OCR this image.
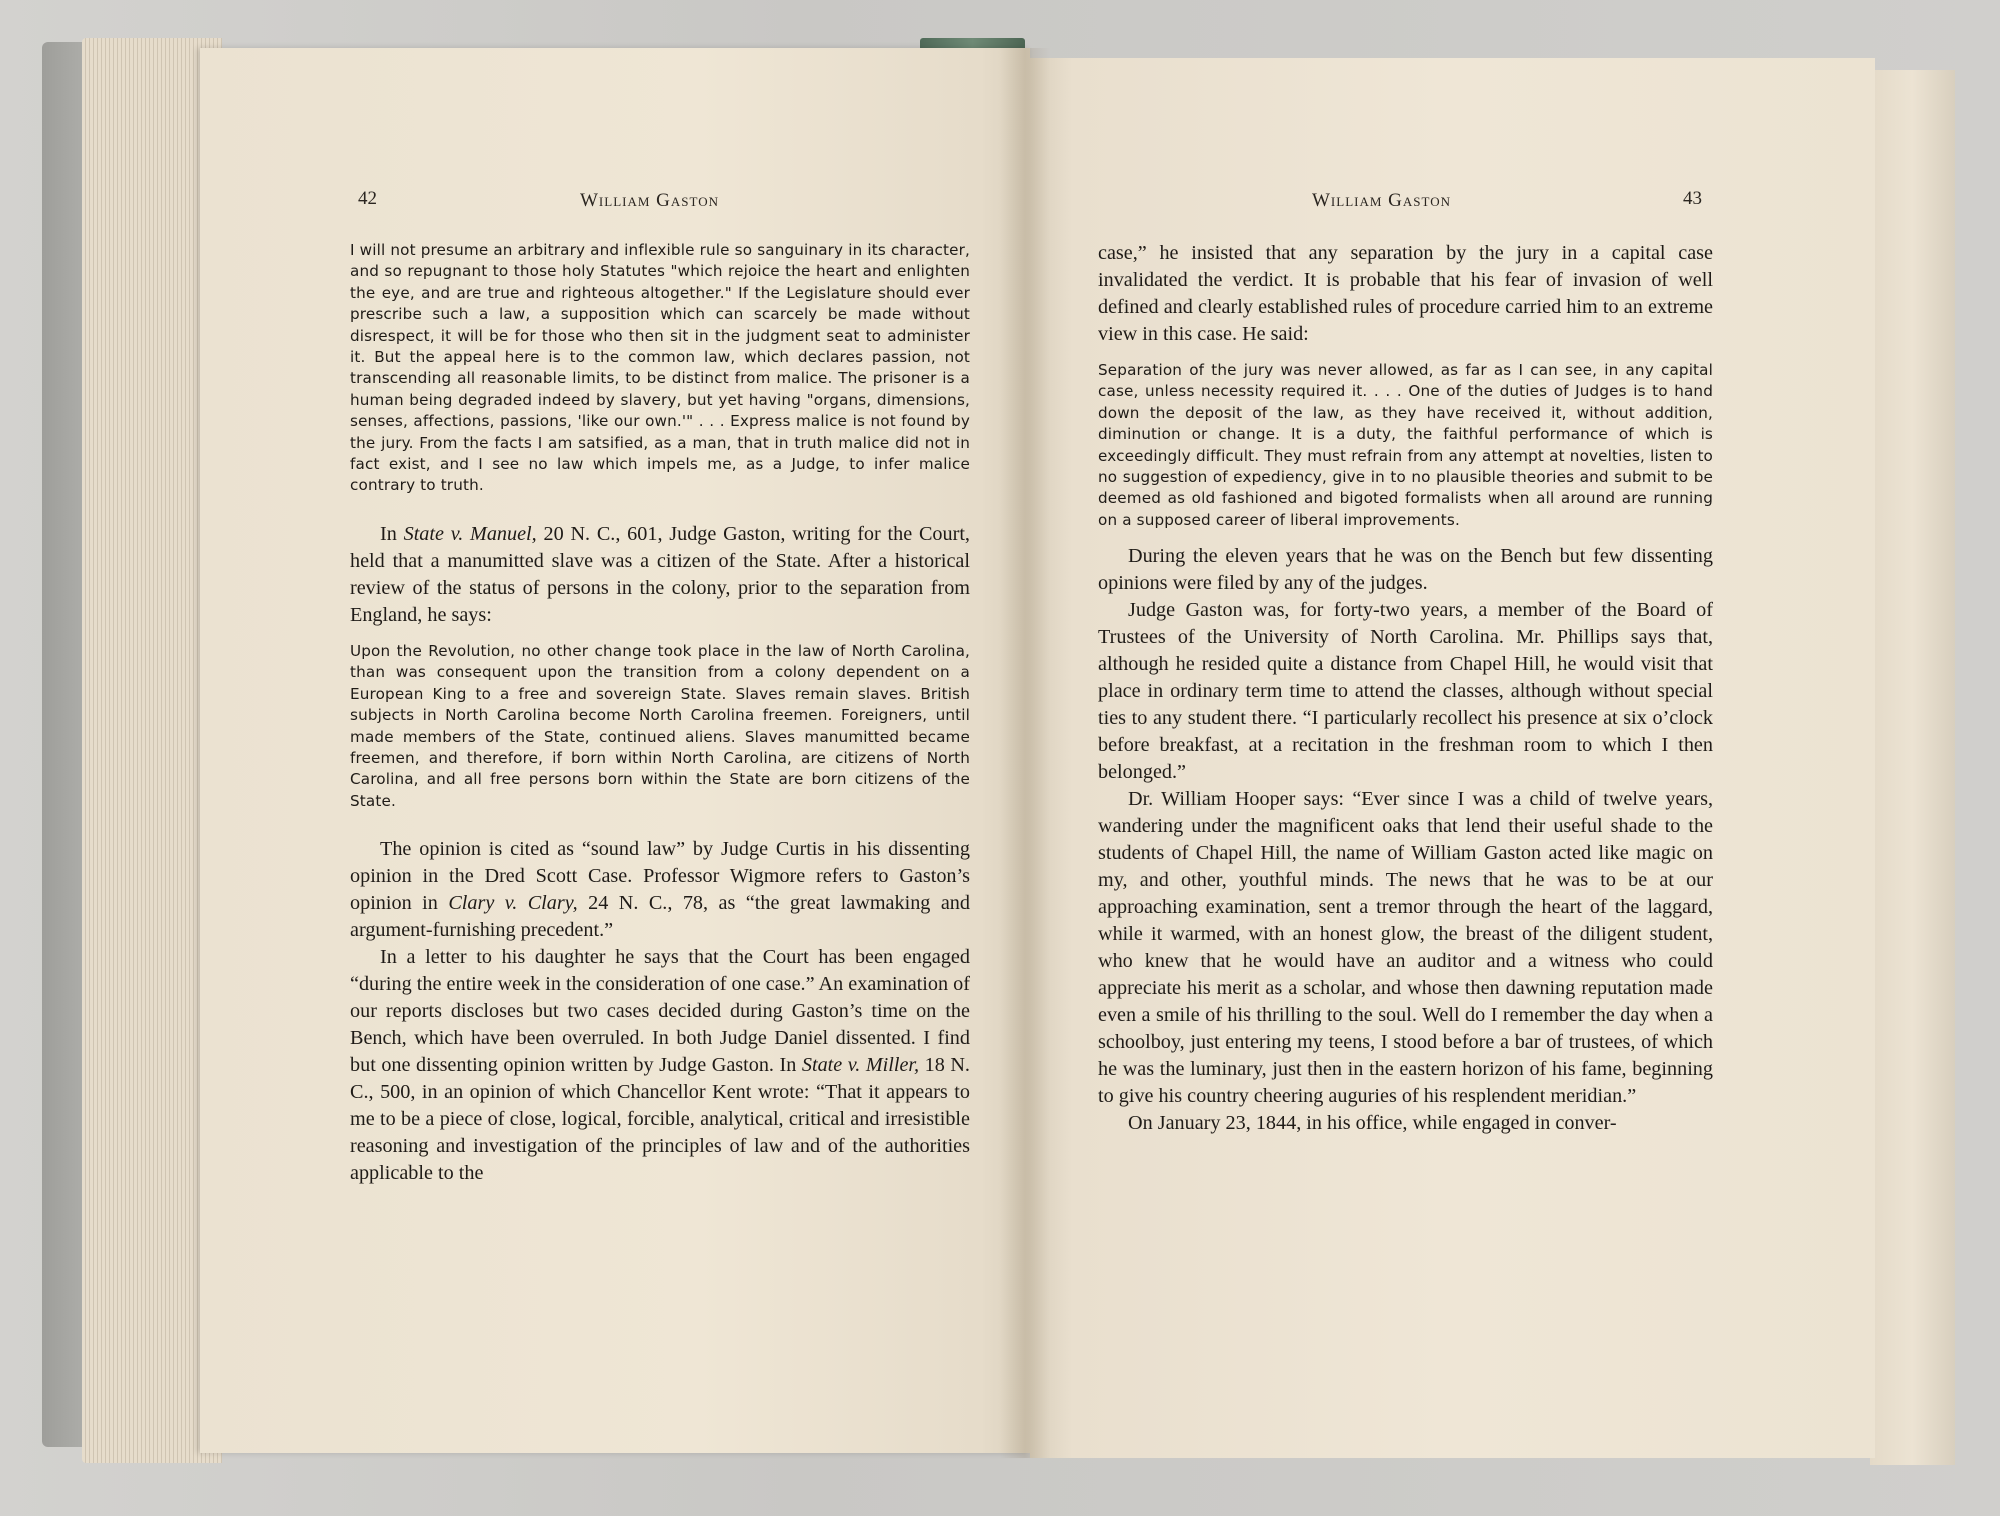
42	William Gaston	William Gaston	43

I will not presume an arbitrary and inflexible rule so sanguinary in its character, and so repugnant to those holy Statutes "which rejoice the heart and enlighten the eye, and are true and righteous altogether." If the Legislature should ever prescribe such a law, a supposition which can scarcely be made without disrespect, it will be for those who then sit in the judgment seat to administer it. But the appeal here is to the common law, which declares passion, not transcending all reasonable limits, to be distinct from malice. The prisoner is a human being degraded indeed by slavery, but yet having "organs, dimensions, senses, affections, passions, 'like our own.'" . . . Express malice is not found by the jury. From the facts I am satsified, as a man, that in truth malice did not in fact exist, and I see no law which impels me, as a Judge, to infer malice contrary to truth.

In State v. Manuel, 20 N. C., 601, Judge Gaston, writing for the Court, held that a manumitted slave was a citizen of the State. After a historical review of the status of persons in the colony, prior to the separation from England, he says:

Upon the Revolution, no other change took place in the law of North Carolina, than was consequent upon the transition from a colony dependent on a European King to a free and sovereign State. Slaves remain slaves. British subjects in North Carolina become North Carolina freemen. Foreigners, until made members of the State, continued aliens. Slaves manumitted became freemen, and therefore, if born within North Carolina, are citizens of North Carolina, and all free persons born within the State are born citizens of the State.

The opinion is cited as “sound law” by Judge Curtis in his dissenting opinion in the Dred Scott Case. Professor Wigmore refers to Gaston’s opinion in Clary v. Clary, 24 N. C., 78, as “the great lawmaking and argument-furnishing precedent.”

In a letter to his daughter he says that the Court has been engaged “during the entire week in the consideration of one case.” An examination of our reports discloses but two cases decided during Gaston’s time on the Bench, which have been overruled. In both Judge Daniel dissented. I find but one dissenting opinion written by Judge Gaston. In State v. Miller, 18 N. C., 500, in an opinion of which Chancellor Kent wrote: “That it appears to me to be a piece of close, logical, forcible, analytical, critical and irresistible reasoning and investigation of the principles of law and of the authorities applicable to the

case,” he insisted that any separation by the jury in a capital case invalidated the verdict. It is probable that his fear of invasion of well defined and clearly established rules of procedure carried him to an extreme view in this case. He said:

Separation of the jury was never allowed, as far as I can see, in any capital case, unless necessity required it. . . . One of the duties of Judges is to hand down the deposit of the law, as they have received it, without addition, diminution or change. It is a duty, the faithful performance of which is exceedingly difficult. They must refrain from any attempt at novelties, listen to no suggestion of expediency, give in to no plausible theories and submit to be deemed as old fashioned and bigoted formalists when all around are running on a supposed career of liberal improvements.

During the eleven years that he was on the Bench but few dissenting opinions were filed by any of the judges.

Judge Gaston was, for forty-two years, a member of the Board of Trustees of the University of North Carolina. Mr. Phillips says that, although he resided quite a distance from Chapel Hill, he would visit that place in ordinary term time to attend the classes, although without special ties to any student there. “I particularly recollect his presence at six o’clock before breakfast, at a recitation in the freshman room to which I then belonged.”

Dr. William Hooper says: “Ever since I was a child of twelve years, wandering under the magnificent oaks that lend their useful shade to the students of Chapel Hill, the name of William Gaston acted like magic on my, and other, youthful minds. The news that he was to be at our approaching examination, sent a tremor through the heart of the laggard, while it warmed, with an honest glow, the breast of the diligent student, who knew that he would have an auditor and a witness who could appreciate his merit as a scholar, and whose then dawning reputation made even a smile of his thrilling to the soul. Well do I remember the day when a schoolboy, just entering my teens, I stood before a bar of trustees, of which he was the luminary, just then in the eastern horizon of his fame, beginning to give his country cheering auguries of his resplendent meridian.”

On January 23, 1844, in his office, while engaged in conver-
